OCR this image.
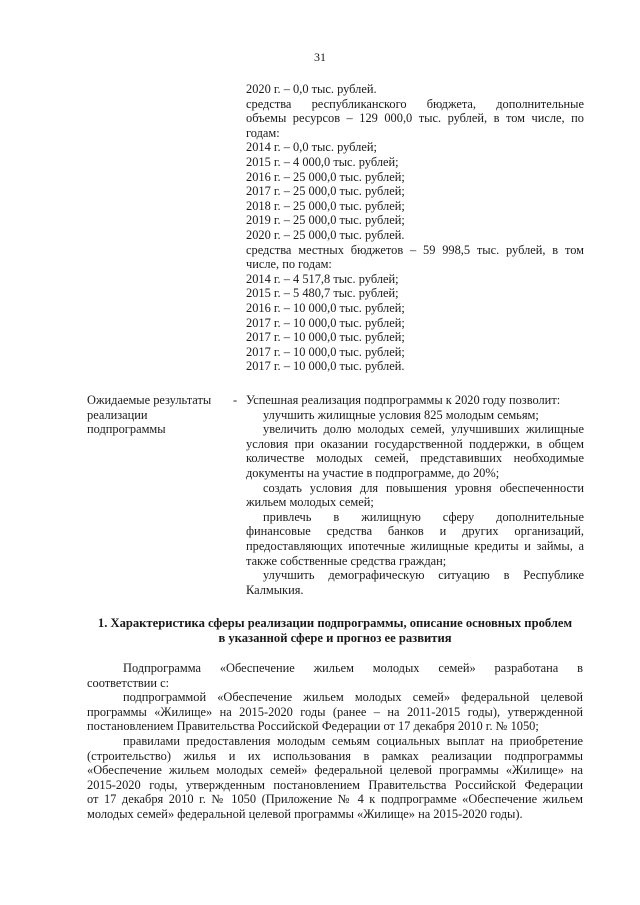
31
2020 г. – 0,0 тыс. рублей.
средства республиканского бюджета, дополнительные
объемы ресурсов – 129 000,0 тыс. рублей, в том числе, по
годам:
2014 г. – 0,0 тыс. рублей;
2015 г. – 4 000,0 тыс. рублей;
2016 г. – 25 000,0 тыс. рублей;
2017 г. – 25 000,0 тыс. рублей;
2018 г. – 25 000,0 тыс. рублей;
2019 г. – 25 000,0 тыс. рублей;
2020 г. – 25 000,0 тыс. рублей.
средства местных бюджетов – 59 998,5 тыс. рублей, в том
числе, по годам:
2014 г. – 4 517,8 тыс. рублей;
2015 г. – 5 480,7 тыс. рублей;
2016 г. – 10 000,0 тыс. рублей;
2017 г. – 10 000,0 тыс. рублей;
2017 г. – 10 000,0 тыс. рублей;
2017 г. – 10 000,0 тыс. рублей;
2017 г. – 10 000,0 тыс. рублей.
Ожидаемые результаты
реализации
подпрограммы
- Успешная реализация подпрограммы к 2020 году позволит:
улучшить жилищные условия 825 молодым семьям;
увеличить долю молодых семей, улучшивших жилищные
условия при оказании государственной поддержки, в общем
количестве молодых семей, представивших необходимые
документы на участие в подпрограмме, до 20%;
создать условия для повышения уровня обеспеченности
жильем молодых семей;
привлечь в жилищную сферу дополнительные
финансовые средства банков и других организаций,
предоставляющих ипотечные жилищные кредиты и займы, а
также собственные средства граждан;
улучшить демографическую ситуацию в Республике
Калмыкия.
1. Характеристика сферы реализации подпрограммы, описание основных проблем
в указанной сфере и прогноз ее развития
Подпрограмма «Обеспечение жильем молодых семей» разработана в
соответствии с:
подпрограммой «Обеспечение жильем молодых семей» федеральной целевой
программы «Жилище» на 2015-2020 годы (ранее – на 2011-2015 годы), утвержденной
постановлением Правительства Российской Федерации от 17 декабря 2010 г. № 1050;
правилами предоставления молодым семьям социальных выплат на приобретение
(строительство) жилья и их использования в рамках реализации подпрограммы
«Обеспечение жильем молодых семей» федеральной целевой программы «Жилище» на
2015-2020 годы, утвержденным постановлением Правительства Российской Федерации
от 17 декабря 2010 г. № 1050 (Приложение № 4 к подпрограмме «Обеспечение жильем
молодых семей» федеральной целевой программы «Жилище» на 2015-2020 годы).
